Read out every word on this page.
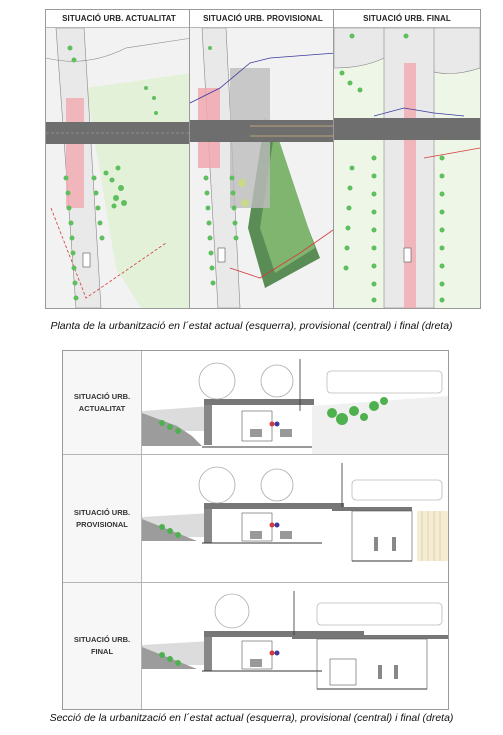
SITUACIÓ URB. ACTUALITAT	SITUACIÓ URB. PROVISIONAL	SITUACIÓ URB. FINAL
Planta de la urbanització en l´estat actual (esquerra), provisional (central) i final (dreta)
SITUACIÓ URB.
ACTUALITAT
SITUACIÓ URB.
PROVISIONAL
SITUACIÓ URB.
FINAL
Secció de la urbanització en l´estat actual (esquerra), provisional (central) i final (dreta)
